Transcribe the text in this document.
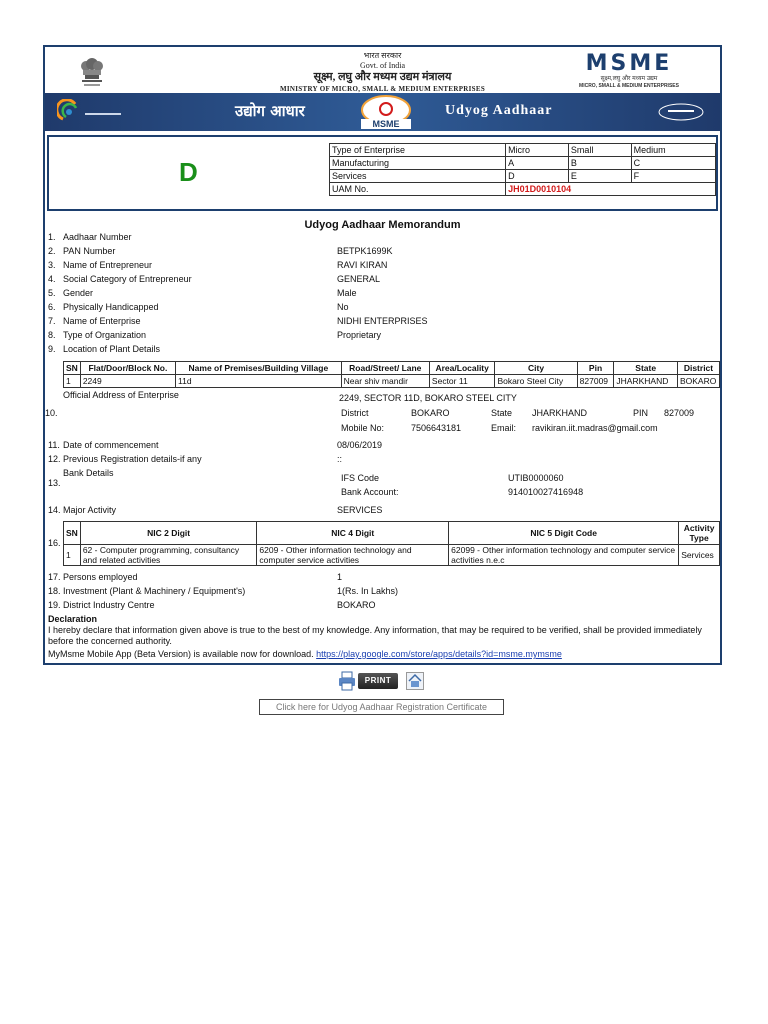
भारत सरकार
Govt. of India
सूक्ष्म, लघु और मध्यम उद्यम मंत्रालय
MINISTRY OF MICRO, SMALL & MEDIUM ENTERPRISES
MSME
सूक्ष्म,लघु और मध्यम उद्यम
MICRO, SMALL & MEDIUM ENTERPRISES
उद्योग आधार
MSME
Udyog Aadhaar
D
Type of Enterprise	Micro	Small	Medium
Manufacturing	A	B	C
Services	D	E	F
UAM No.	JH01D0010104		
Udyog Aadhaar Memorandum
1. Aadhaar Number
2. PAN Number	BETPK1699K
3. Name of Entrepreneur	RAVI KIRAN
4. Social Category of Entrepreneur	GENERAL
5. Gender	Male
6. Physically Handicapped	No
7. Name of Enterprise	NIDHI ENTERPRISES
8. Type of Organization	Proprietary
9. Location of Plant Details
SN	Flat/Door/Block No.	Name of Premises/Building Village	Road/Street/ Lane	Area/Locality	City	Pin	State	District
1	2249	11d	Near shiv mandir	Sector 11	Bokaro Steel City	827009	JHARKHAND	BOKARO
Official Address of Enterprise
10.
2249, SECTOR 11D, BOKARO STEEL CITY
District	BOKARO	State JHARKHAND	PIN 827009
Mobile No:	7506643181	Email: ravikiran.iit.madras@gmail.com
11. Date of commencement	08/06/2019
12. Previous Registration details-if any	::
Bank Details
13.	IFS Code	UTIB0000060
Bank Account:	914010027416948
14. Major Activity	SERVICES
16.
SN	NIC 2 Digit	NIC 4 Digit	NIC 5 Digit Code	Activity Type
1	62 - Computer programming, consultancy and related activities	6209 - Other information technology and computer service activities	62099 - Other information technology and computer service activities n.e.c	Services
17. Persons employed	1
18. Investment (Plant & Machinery / Equipment's)	1(Rs. In Lakhs)
19. District Industry Centre	BOKARO
Declaration
I hereby declare that information given above is true to the best of my knowledge. Any information, that may be required to be verified, shall be provided immediately
before the concerned authority.
MyMsme Mobile App (Beta Version) is available now for download. https://play.google.com/store/apps/details?id=msme.mymsme
PRINT
Click here for Udyog Aadhaar Registration Certificate
